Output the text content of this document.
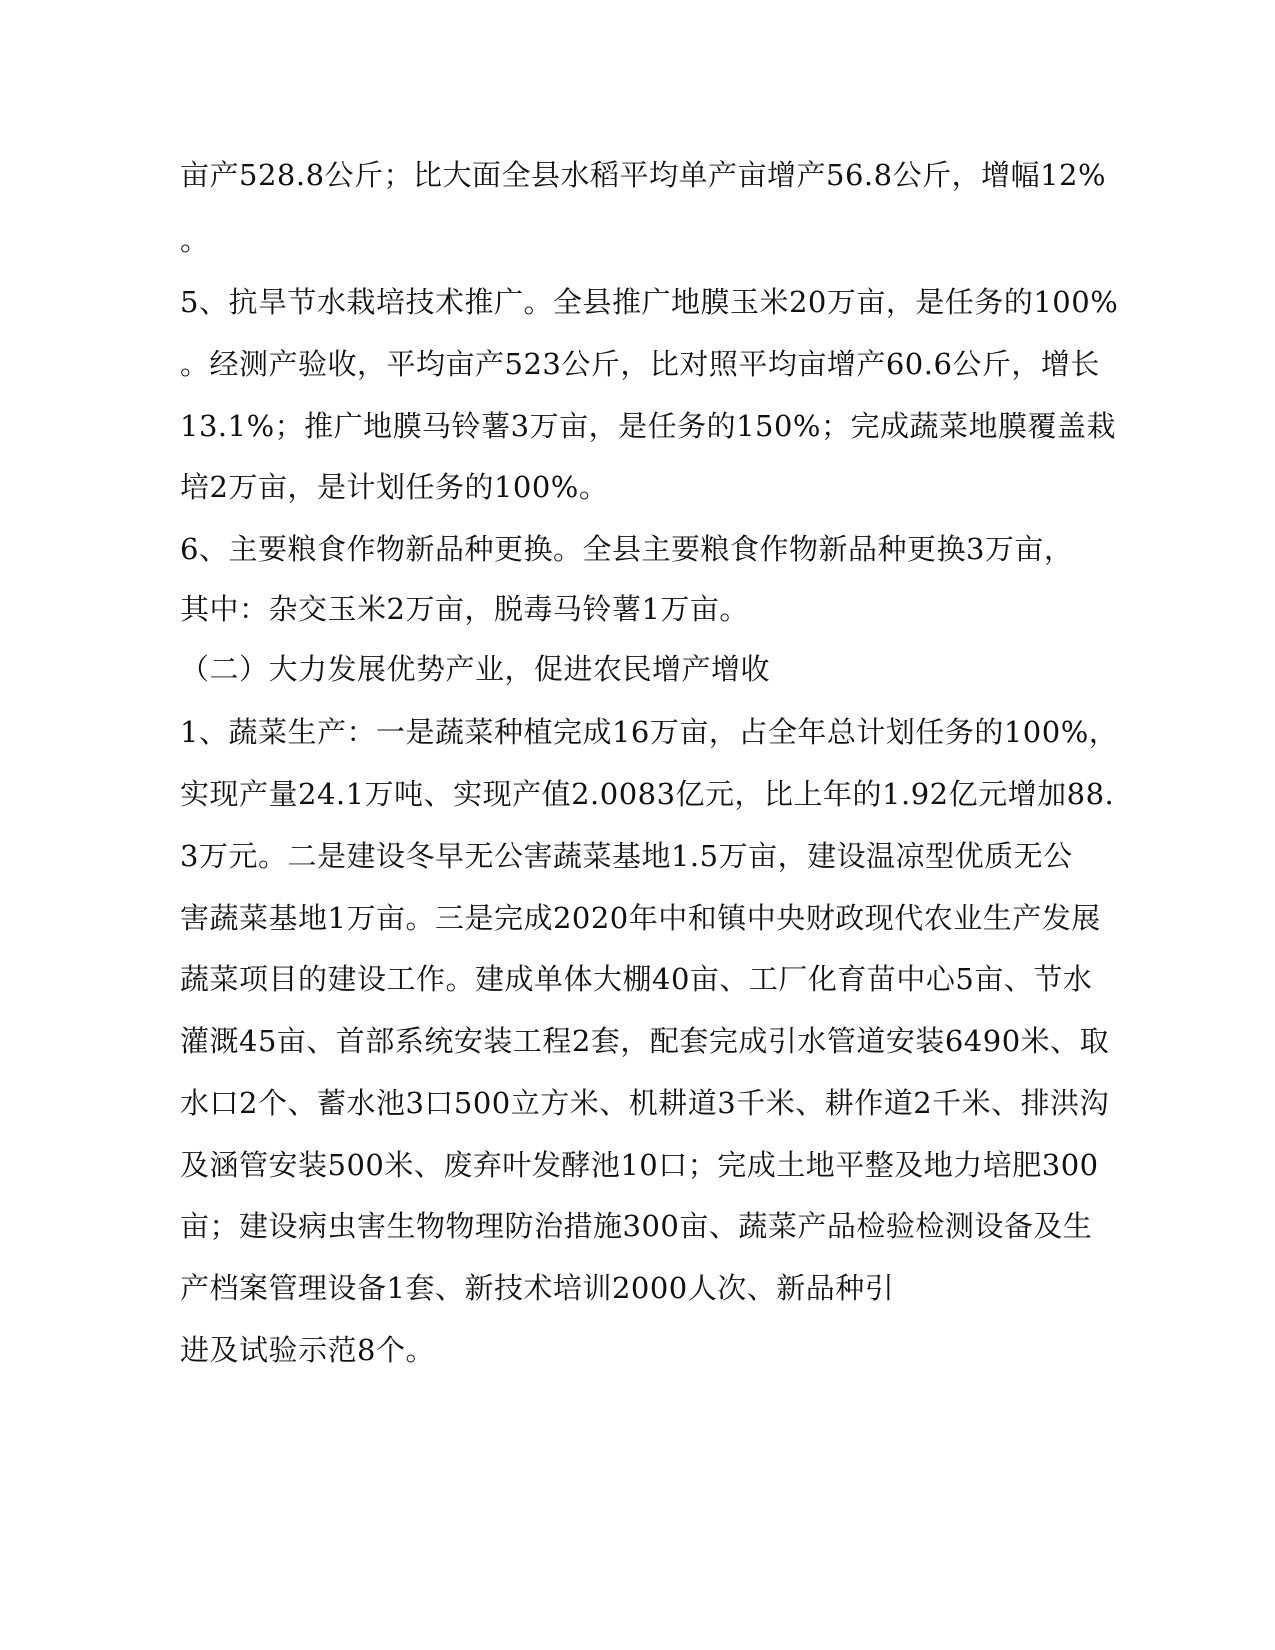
亩产528.8公斤；比大面全县水稻平均单产亩增产56.8公斤，增幅12%
。
5、抗旱节水栽培技术推广。全县推广地膜玉米20万亩，是任务的100%
。经测产验收，平均亩产523公斤，比对照平均亩增产60.6公斤，增长
13.1%；推广地膜马铃薯3万亩，是任务的150%；完成蔬菜地膜覆盖栽
培2万亩，是计划任务的100%。
6、主要粮食作物新品种更换。全县主要粮食作物新品种更换3万亩，
其中：杂交玉米2万亩，脱毒马铃薯1万亩。
（二）大力发展优势产业，促进农民增产增收
1、蔬菜生产：一是蔬菜种植完成16万亩，占全年总计划任务的100%，
实现产量24.1万吨、实现产值2.0083亿元，比上年的1.92亿元增加88.
3万元。二是建设冬早无公害蔬菜基地1.5万亩，建设温凉型优质无公
害蔬菜基地1万亩。三是完成2020年中和镇中央财政现代农业生产发展
蔬菜项目的建设工作。建成单体大棚40亩、工厂化育苗中心5亩、节水
灌溉45亩、首部系统安装工程2套，配套完成引水管道安装6490米、取
水口2个、蓄水池3口500立方米、机耕道3千米、耕作道2千米、排洪沟
及涵管安装500米、废弃叶发酵池10口；完成土地平整及地力培肥300
亩；建设病虫害生物物理防治措施300亩、蔬菜产品检验检测设备及生
产档案管理设备1套、新技术培训2000人次、新品种引
进及试验示范8个。
